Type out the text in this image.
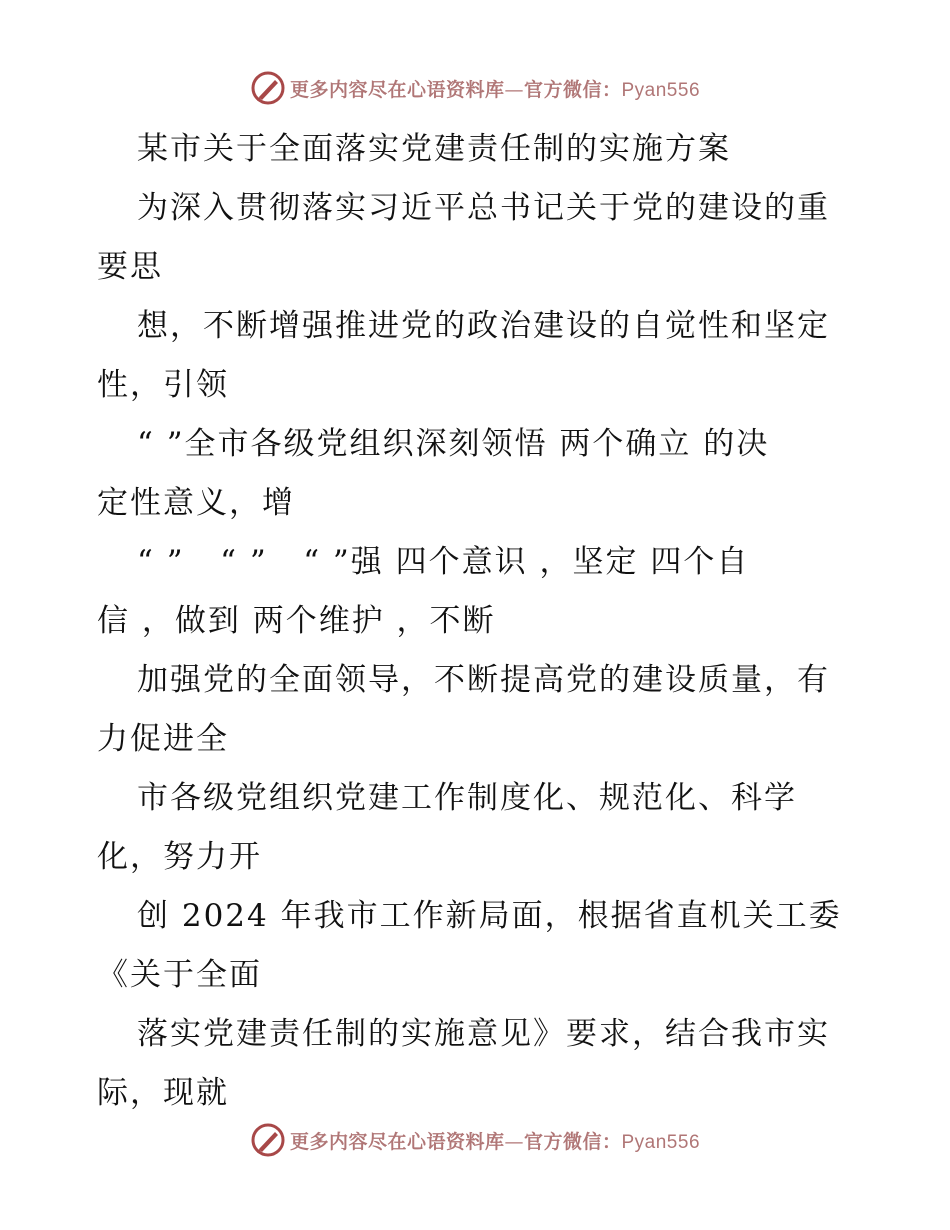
更多内容尽在心语资料库—官方微信：Pyan556
某市关于全面落实党建责任制的实施方案
为深入贯彻落实习近平总书记关于党的建设的重
要思
想，不断增强推进党的政治建设的自觉性和坚定
性，引领
“ ”全市各级党组织深刻领悟 两个确立 的决
定性意义，增
“ ”   “ ”   “ ”强 四个意识 ，坚定 四个自
信 ，做到 两个维护 ，不断
加强党的全面领导，不断提高党的建设质量，有
力促进全
市各级党组织党建工作制度化、规范化、科学
化，努力开
创 2024 年我市工作新局面，根据省直机关工委
《关于全面
落实党建责任制的实施意见》要求，结合我市实
际，现就
更多内容尽在心语资料库—官方微信：Pyan556
